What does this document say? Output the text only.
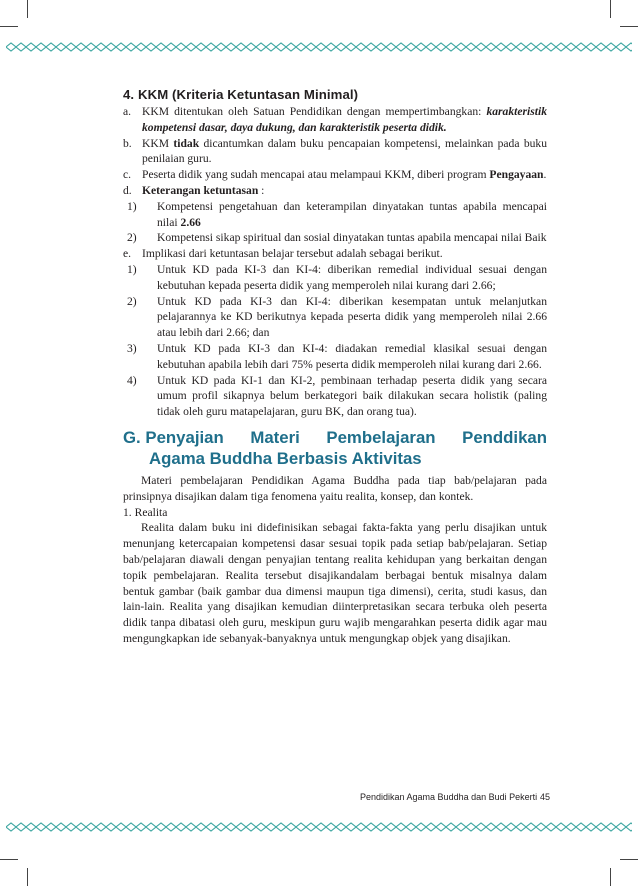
4. KKM (Kriteria Ketuntasan Minimal)
a. KKM ditentukan oleh Satuan Pendidikan dengan mempertimbangkan: karakteristik kompetensi dasar, daya dukung, dan karakteristik peserta didik.
b. KKM tidak dicantumkan dalam buku pencapaian kompetensi, melainkan pada buku penilaian guru.
c. Peserta didik yang sudah mencapai atau melampaui KKM, diberi program Pengayaan.
d. Keterangan ketuntasan :
1)	Kompetensi pengetahuan dan keterampilan dinyatakan tuntas apabila mencapai nilai 2.66
2)	Kompetensi sikap spiritual dan sosial dinyatakan tuntas apabila mencapai nilai Baik
e. Implikasi dari ketuntasan belajar tersebut adalah sebagai berikut.
1)	Untuk KD pada KI-3 dan KI-4: diberikan remedial individual sesuai dengan kebutuhan kepada peserta didik yang memperoleh nilai kurang dari 2.66;
2)	Untuk KD pada KI-3 dan KI-4: diberikan kesempatan untuk melanjutkan pelajarannya ke KD berikutnya kepada peserta didik yang memperoleh nilai 2.66 atau lebih dari 2.66; dan
3)	Untuk KD pada KI-3 dan KI-4: diadakan remedial klasikal sesuai dengan kebutuhan apabila lebih dari 75% peserta didik memperoleh nilai kurang dari 2.66.
4)	Untuk KD pada KI-1 dan KI-2, pembinaan terhadap peserta didik yang secara umum profil sikapnya belum berkategori baik dilakukan secara holistik (paling tidak oleh guru matapelajaran, guru BK, dan orang tua).
G. Penyajian Materi Pembelajaran Penddikan
Agama Buddha Berbasis Aktivitas

Materi pembelajaran Pendidikan Agama Buddha pada tiap bab/pelajaran pada prinsipnya disajikan dalam tiga fenomena yaitu realita, konsep, dan kontek.

1. Realita

Realita dalam buku ini didefinisikan sebagai fakta-fakta yang perlu disajikan untuk menunjang ketercapaian kompetensi dasar sesuai topik pada setiap bab/pelajaran. Setiap bab/pelajaran diawali dengan penyajian tentang realita kehidupan yang berkaitan dengan topik pembelajaran. Realita tersebut disajikandalam berbagai bentuk misalnya dalam bentuk gambar (baik gambar dua dimensi maupun tiga dimensi), cerita, studi kasus, dan lain-lain. Realita yang disajikan kemudian diinterpretasikan secara terbuka oleh peserta didik tanpa dibatasi oleh guru, meskipun guru wajib mengarahkan peserta didik agar mau mengungkapkan ide sebanyak-banyaknya untuk mengungkap objek yang disajikan.

Pendidikan Agama Buddha dan Budi Pekerti 45
